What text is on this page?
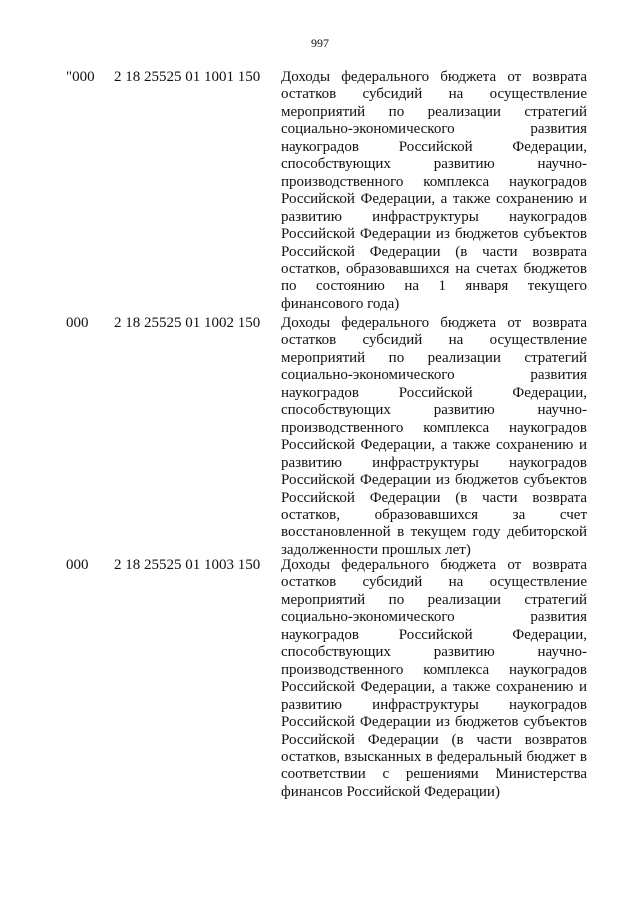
997
"000 2 18 25525 01 1001 150 Доходы федерального бюджета от возврата остатков субсидий на осуществление мероприятий по реализации стратегий социально-экономического развития наукоградов Российской Федерации, способствующих развитию научно-производственного комплекса наукоградов Российской Федерации, а также сохранению и развитию инфраструктуры наукоградов Российской Федерации из бюджетов субъектов Российской Федерации (в части возврата остатков, образовавшихся на счетах бюджетов по состоянию на 1 января текущего финансового года)
000 2 18 25525 01 1002 150 Доходы федерального бюджета от возврата остатков субсидий на осуществление мероприятий по реализации стратегий социально-экономического развития наукоградов Российской Федерации, способствующих развитию научно-производственного комплекса наукоградов Российской Федерации, а также сохранению и развитию инфраструктуры наукоградов Российской Федерации из бюджетов субъектов Российской Федерации (в части возврата остатков, образовавшихся за счет восстановленной в текущем году дебиторской задолженности прошлых лет)
000 2 18 25525 01 1003 150 Доходы федерального бюджета от возврата остатков субсидий на осуществление мероприятий по реализации стратегий социально-экономического развития наукоградов Российской Федерации, способствующих развитию научно-производственного комплекса наукоградов Российской Федерации, а также сохранению и развитию инфраструктуры наукоградов Российской Федерации из бюджетов субъектов Российской Федерации (в части возвратов остатков, взысканных в федеральный бюджет в соответствии с решениями Министерства финансов Российской Федерации)
